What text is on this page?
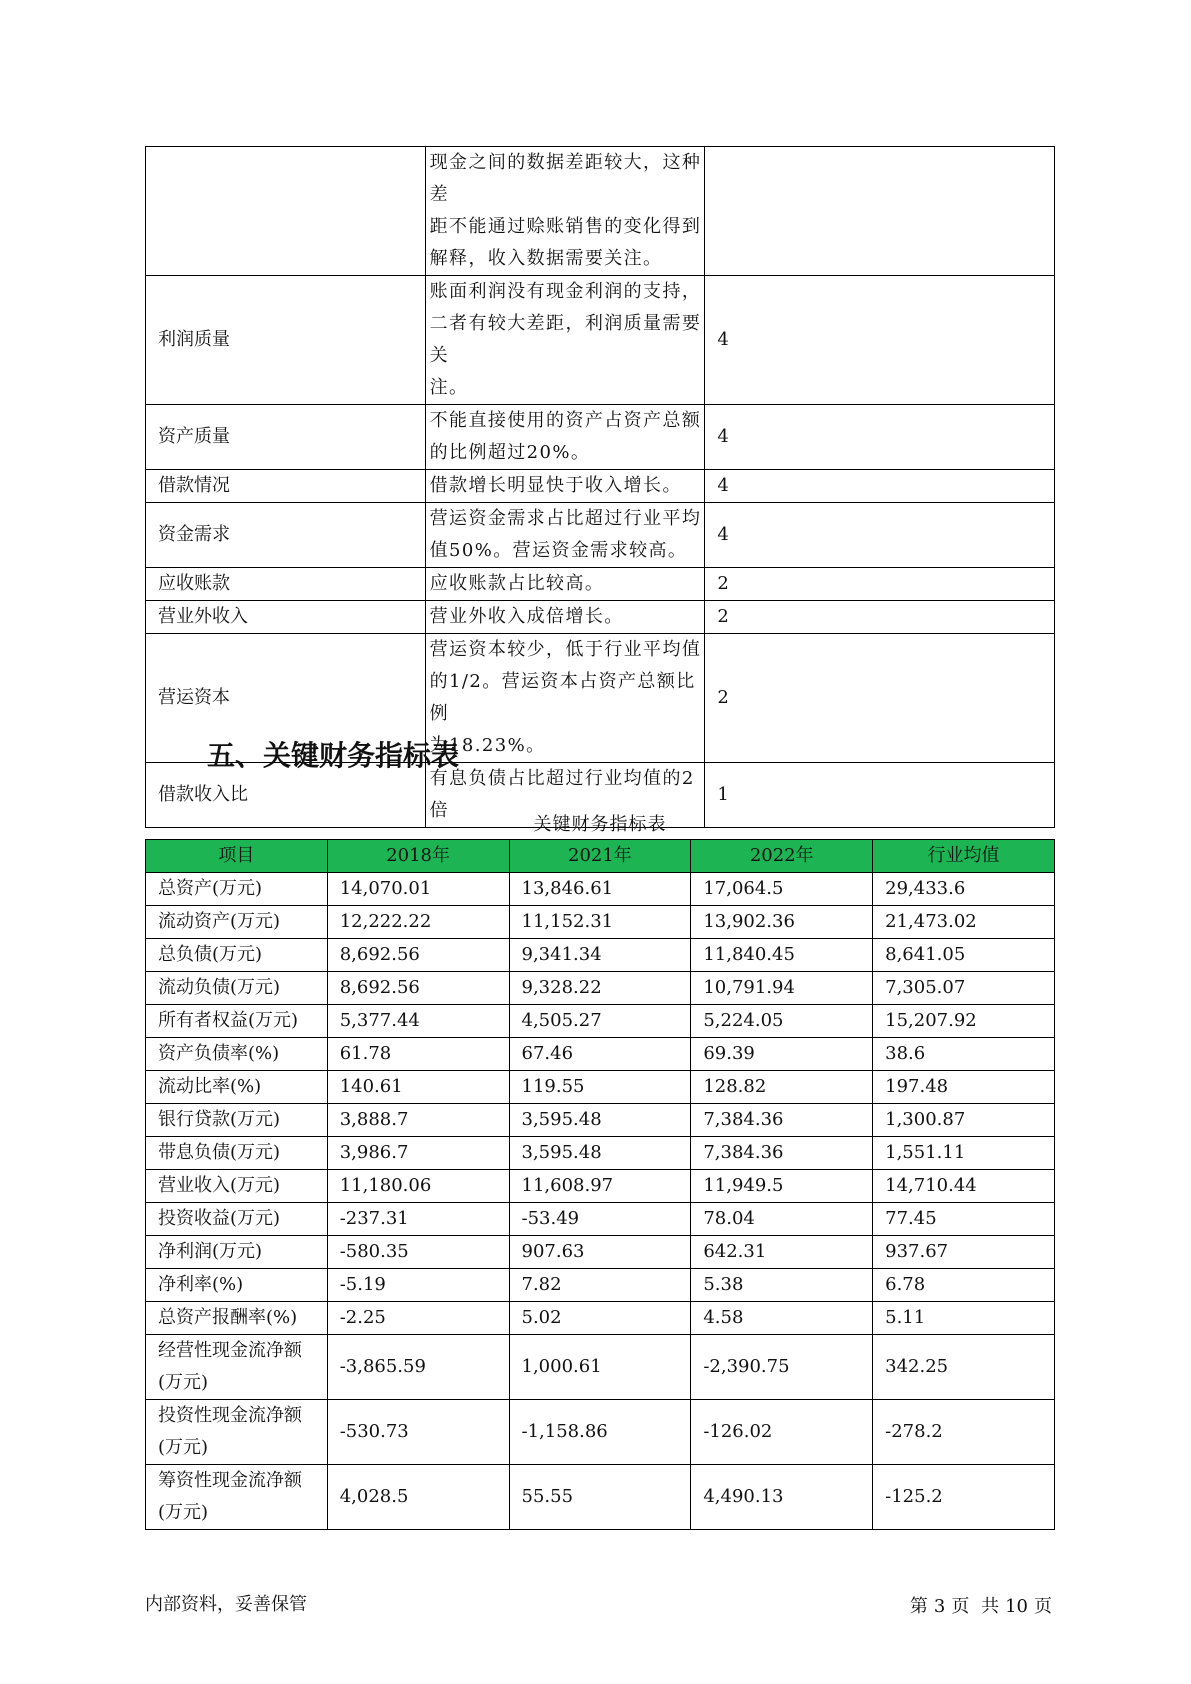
	现金之间的数据差距较大，这种差
距不能通过赊账销售的变化得到
解释，收入数据需要关注。	

利润质量	账面利润没有现金利润的支持，
二者有较大差距，利润质量需要关
注。	4
资产质量	不能直接使用的资产占资产总额
的比例超过20%。	4
借款情况	借款增长明显快于收入增长。	4
资金需求	营运资金需求占比超过行业平均
值50%。营运资金需求较高。	4
应收账款	应收账款占比较高。	2
营业外收入	营业外收入成倍增长。	2
营运资本	营运资本较少，低于行业平均值
的1/2。营运资本占资产总额比例
为18.23%。	2
借款收入比	有息负债占比超过行业均值的2倍	1
五、关键财务指标表
关键财务指标表
项目	2018年	2021年	2022年	行业均值

总资产(万元)	14,070.01	13,846.61	17,064.5	29,433.6

流动资产(万元)	12,222.22	11,152.31	13,902.36	21,473.02

总负债(万元)	8,692.56	9,341.34	11,840.45	8,641.05

流动负债(万元)	8,692.56	9,328.22	10,791.94	7,305.07

所有者权益(万元)	5,377.44	4,505.27	5,224.05	15,207.92

资产负债率(%)	61.78	67.46	69.39	38.6

流动比率(%)	140.61	119.55	128.82	197.48

银行贷款(万元)	3,888.7	3,595.48	7,384.36	1,300.87

带息负债(万元)	3,986.7	3,595.48	7,384.36	1,551.11

营业收入(万元)	11,180.06	11,608.97	11,949.5	14,710.44

投资收益(万元)	-237.31	-53.49	78.04	77.45

净利润(万元)	-580.35	907.63	642.31	937.67

净利率(%)	-5.19	7.82	5.38	6.78

总资产报酬率(%)	-2.25	5.02	4.58	5.11

经营性现金流净额
(万元)	-3,865.59	1,000.61	-2,390.75	342.25

投资性现金流净额
(万元)	-530.73	-1,158.86	-126.02	-278.2

筹资性现金流净额
(万元)	4,028.5	55.55	4,490.13	-125.2
内部资料，妥善保管	第 3 页 共 10 页
